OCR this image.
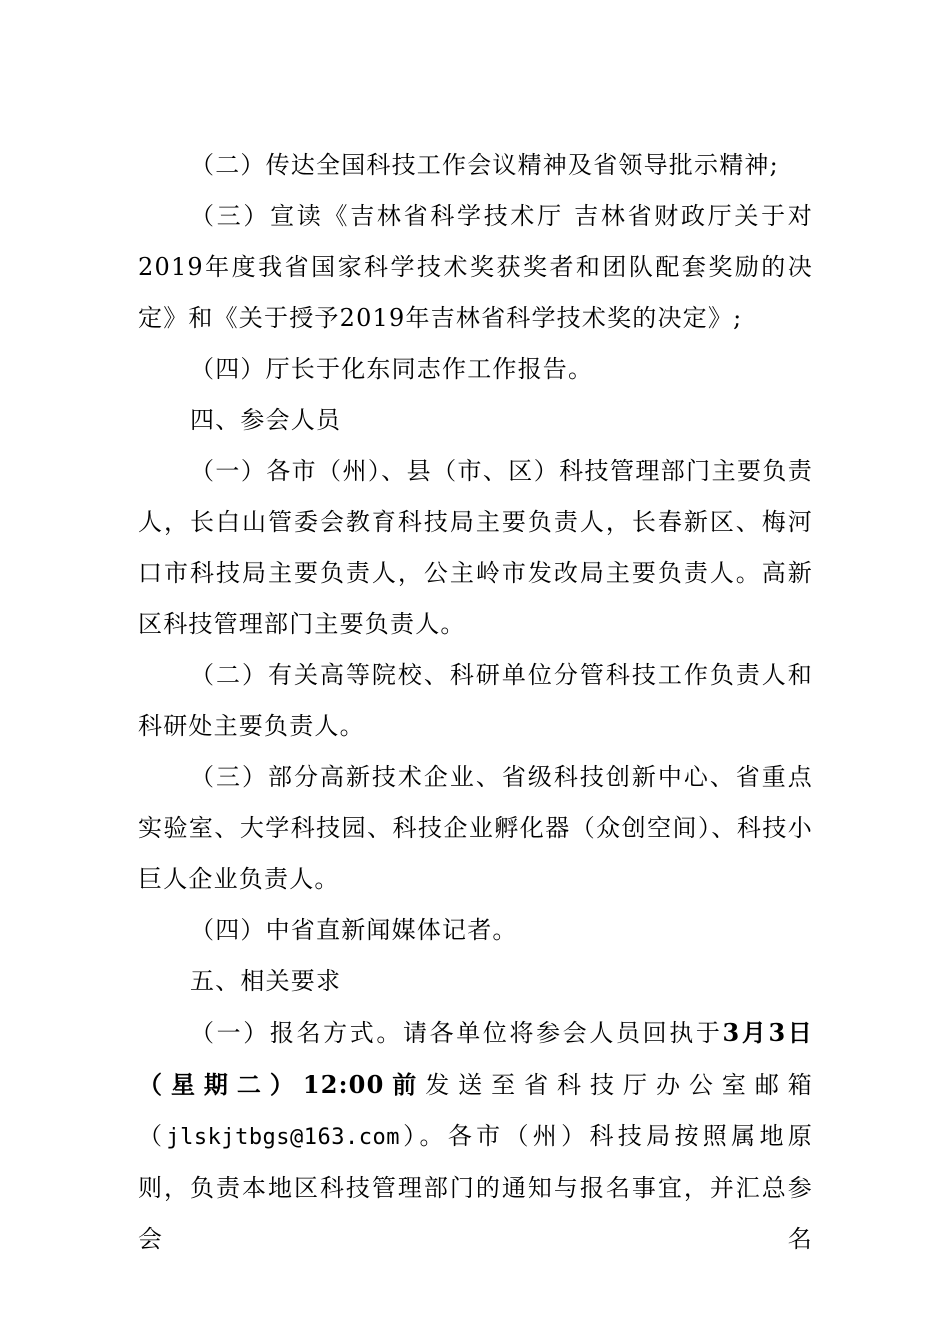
（二）传达全国科技工作会议精神及省领导批示精神;

（三）宣读《吉林省科学技术厅 吉林省财政厅关于对2019年度我省国家科学技术奖获奖者和团队配套奖励的决定》和《关于授予2019年吉林省科学技术奖的决定》;

（四）厅长于化东同志作工作报告。

四、参会人员

（一）各市（州）、县（市、区）科技管理部门主要负责人，长白山管委会教育科技局主要负责人，长春新区、梅河口市科技局主要负责人，公主岭市发改局主要负责人。高新区科技管理部门主要负责人。

（二）有关高等院校、科研单位分管科技工作负责人和科研处主要负责人。

（三）部分高新技术企业、省级科技创新中心、省重点实验室、大学科技园、科技企业孵化器（众创空间）、科技小巨人企业负责人。

（四）中省直新闻媒体记者。

五、相关要求

（一）报名方式。请各单位将参会人员回执于3月3日（星期二）12:00前发送至省科技厅办公室邮箱（jlskjtbgs@163.com）。各市（州）科技局按照属地原则，负责本地区科技管理部门的通知与报名事宜，并汇总参会名
